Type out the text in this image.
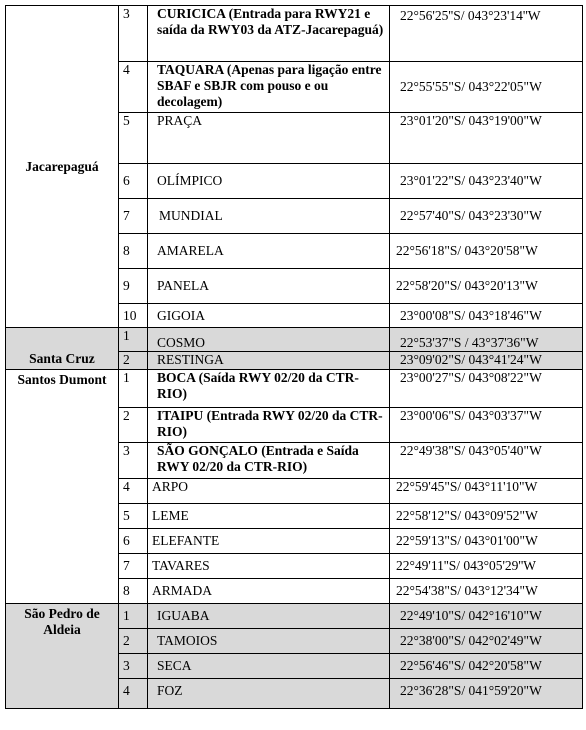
Jacarepaguá	3	CURICICA (Entrada para RWY21 e saída da RWY03 da ATZ-Jacarepaguá)	22°56'25''S/ 043°23'14''W
	4	TAQUARA (Apenas para ligação entre SBAF e SBJR com pouso e ou decolagem)	22°55'55"S/ 043°22'05"W
	5	PRAÇA	23°01'20"S/ 043°19'00"W
	6	OLÍMPICO	23°01'22"S/ 043°23'40"W
	7	MUNDIAL	22°57'40"S/ 043°23'30"W
	8	AMARELA	22°56'18"S/ 043°20'58"W
	9	PANELA	22°58'20"S/ 043°20'13"W
	10	GIGOIA	23°00'08"S/ 043°18'46"W
Santa Cruz	1	COSMO	22°53'37"S / 43°37'36"W
	2	RESTINGA	23°09'02"S/ 043°41'24"W
Santos Dumont	1	BOCA (Saída RWY 02/20 da CTR-RIO)	23°00'27"S/ 043°08'22"W
	2	ITAIPU (Entrada RWY 02/20 da CTR-RIO)	23°00'06"S/ 043°03'37"W
	3	SÃO GONÇALO (Entrada e Saída RWY 02/20 da CTR-RIO)	22°49'38"S/ 043°05'40"W
	4	ARPO	22°59'45"S/ 043°11'10"W
	5	LEME	22°58'12"S/ 043°09'52"W
	6	ELEFANTE	22°59'13"S/ 043°01'00"W
	7	TAVARES	22°49'11''S/ 043°05'29''W
	8	ARMADA	22°54'38"S/ 043°12'34"W
São Pedro de Aldeia	1	IGUABA	22°49'10"S/ 042°16'10"W
	2	TAMOIOS	22°38'00"S/ 042°02'49"W
	3	SECA	22°56'46"S/ 042°20'58"W
	4	FOZ	22°36'28"S/ 041°59'20"W
